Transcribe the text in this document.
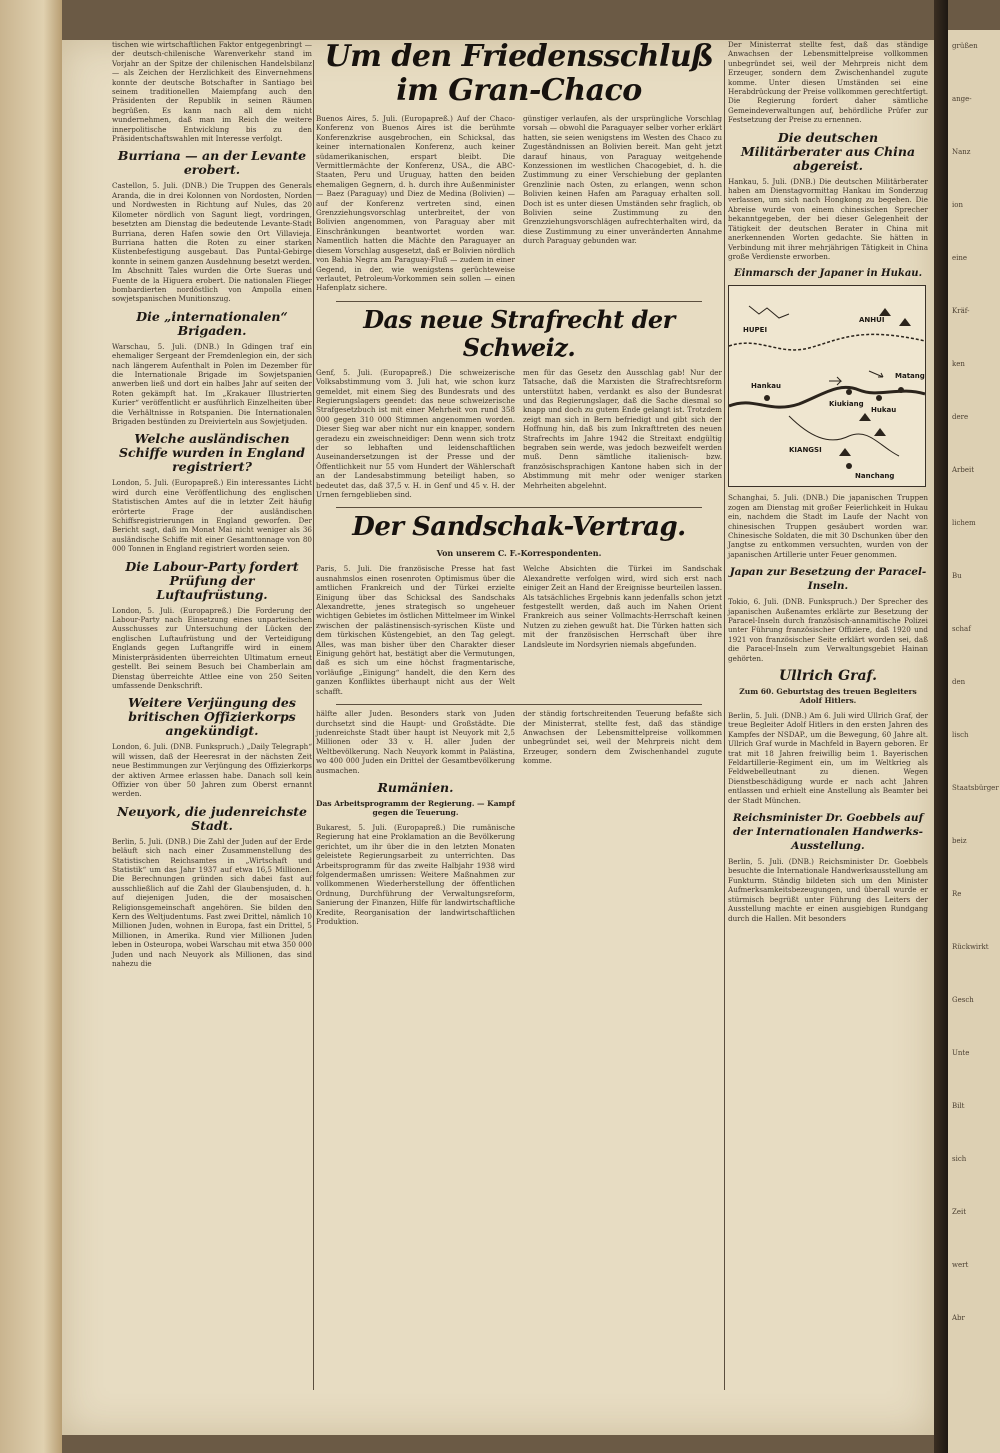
grüßen
ange-
Nanz
ion
eine
Kräf-
ken
dere
Arbeit
lichem
Bu
schaf
den
lisch
Staatsbürger
beiz
Re
Rückwirkt
Gesch
Unte
Bilt
sich
Zeit
wert
Abr

tischen wie wirtschaftlichen Faktor entgegenbringt — der deutsch-chilenische Warenverkehr stand im Vorjahr an der Spitze der chilenischen Handelsbilanz — als Zeichen der Herzlichkeit des Einvernehmens konnte der deutsche Botschafter in Santiago bei seinem traditionellen Maiempfang auch den Präsidenten der Republik in seinen Räumen begrüßen. Es kann nach all dem nicht wundernehmen, daß man im Reich die weitere innerpolitische Entwicklung bis zu den Präsidentschaftswahlen mit Interesse verfolgt.

Burriana — an der Levante erobert.

Castellon, 5. Juli. (DNB.) Die Truppen des Generals Aranda, die in drei Kolonnen von Nordosten, Norden und Nordwesten in Richtung auf Nules, das 20 Kilometer nördlich von Sagunt liegt, vordringen, besetzten am Dienstag die bedeutende Levante-Stadt Burriana, deren Hafen sowie den Ort Villavieja. Burriana hatten die Roten zu einer starken Küstenbefestigung ausgebaut. Das Puntal-Gebirge konnte in seinem ganzen Ausdehnung besetzt werden. Im Abschnitt Tales wurden die Orte Sueras und Fuente de la Higuera erobert. Die nationalen Flieger bombardierten nordöstlich von Ampolla einen sowjetspanischen Munitionszug.

Die „internationalen“ Brigaden.

Warschau, 5. Juli. (DNB.) In Gdingen traf ein ehemaliger Sergeant der Fremdenlegion ein, der sich nach längerem Aufenthalt in Polen im Dezember für die Internationale Brigade im Sowjetspanien anwerben ließ und dort ein halbes Jahr auf seiten der Roten gekämpft hat. Im „Krakauer Illustrierten Kurier“ veröffentlicht er ausführlich Einzelheiten über die Verhältnisse in Rotspanien. Die Internationalen Brigaden bestünden zu Dreivierteln aus Sowjetjuden.

Welche ausländischen Schiffe wurden in England registriert?

London, 5. Juli. (Europapreß.) Ein interessantes Licht wird durch eine Veröffentlichung des englischen Statistischen Amtes auf die in letzter Zeit häufig erörterte Frage der ausländischen Schiffsregistrierungen in England geworfen. Der Bericht sagt, daß im Monat Mai nicht weniger als 36 ausländische Schiffe mit einer Gesamttonnage von 80 000 Tonnen in England registriert worden seien.

Die Labour-Party fordert Prüfung der Luftaufrüstung.

London, 5. Juli. (Europapreß.) Die Forderung der Labour-Party nach Einsetzung eines unparteiischen Ausschusses zur Untersuchung der Lücken der englischen Luftaufrüstung und der Verteidigung Englands gegen Luftangriffe wird in einem Ministerpräsidenten überreichten Ultimatum erneut gestellt. Bei seinem Besuch bei Chamberlain am Dienstag überreichte Attlee eine von 250 Seiten umfassende Denkschrift.

Weitere Verjüngung des britischen Offizierkorps angekündigt.

London, 6. Juli. (DNB. Funkspruch.) „Daily Telegraph“ will wissen, daß der Heeresrat in der nächsten Zeit neue Bestimmungen zur Verjüngung des Offizierkorps der aktiven Armee erlassen habe. Danach soll kein Offizier von über 50 Jahren zum Oberst ernannt werden.

Neuyork, die judenreichste Stadt.

Berlin, 5. Juli. (DNB.) Die Zahl der Juden auf der Erde beläuft sich nach einer Zusammenstellung des Statistischen Reichsamtes in „Wirtschaft und Statistik“ um das Jahr 1937 auf etwa 16,5 Millionen. Die Berechnungen gründen sich dabei fast auf ausschließlich auf die Zahl der Glaubensjuden, d. h. auf diejenigen Juden, die der mosaischen Religionsgemeinschaft angehören. Sie bilden den Kern des Weltjudentums. Fast zwei Drittel, nämlich 10 Millionen Juden, wohnen in Europa, fast ein Drittel, 5 Millionen, in Amerika. Rund vier Millionen Juden leben in Osteuropa, wobei Warschau mit etwa 350 000 Juden und nach Neuyork als Millionen, das sind nahezu die

Um den Friedensschluß im Gran-Chaco

Buenos Aires, 5. Juli. (Europapreß.) Auf der Chaco-Konferenz von Buenos Aires ist die berühmte Konferenzkrise ausgebrochen, ein Schicksal, das keiner internationalen Konferenz, auch keiner südamerikanischen, erspart bleibt. Die Vermittlermächte der Konferenz, USA., die ABC-Staaten, Peru und Uruguay, hatten den beiden ehemaligen Gegnern, d. h. durch ihre Außenminister — Baez (Paraguay) und Diez de Medina (Bolivien) — auf der Konferenz vertreten sind, einen Grenzziehungsvorschlag unterbreitet, der von Bolivien angenommen, von Paraguay aber mit Einschränkungen beantwortet worden war. Namentlich hatten die Mächte den Paraguayer an diesem Vorschlag ausgesetzt, daß er Bolivien nördlich von Bahia Negra am Paraguay-Fluß — zudem in einer Gegend, in der, wie wenigstens gerüchteweise verlautet, Petroleum-Vorkommen sein sollen — einen Hafenplatz sichere.

günstiger verlaufen, als der ursprüngliche Vorschlag vorsah — obwohl die Paraguayer selber vorher erklärt hatten, sie seien wenigstens im Westen des Chaco zu Zugeständnissen an Bolivien bereit. Man geht jetzt darauf hinaus, von Paraguay weitgehende Konzessionen im westlichen Chacogebiet, d. h. die Zustimmung zu einer Verschiebung der geplanten Grenzlinie nach Osten, zu erlangen, wenn schon Bolivien keinen Hafen am Paraguay erhalten soll. Doch ist es unter diesen Umständen sehr fraglich, ob Bolivien seine Zustimmung zu den Grenzziehungsvorschlägen aufrechterhalten wird, da diese Zustimmung zu einer unveränderten Annahme durch Paraguay gebunden war.

Das neue Strafrecht der Schweiz.

Genf, 5. Juli. (Europapreß.) Die schweizerische Volksabstimmung vom 3. Juli hat, wie schon kurz gemeldet, mit einem Sieg des Bundesrats und des Regierungslagers geendet: das neue schweizerische Strafgesetzbuch ist mit einer Mehrheit von rund 358 000 gegen 310 000 Stimmen angenommen worden. Dieser Sieg war aber nicht nur ein knapper, sondern geradezu ein zweischneidiger: Denn wenn sich trotz der so lebhaften und leidenschaftlichen Auseinandersetzungen ist der Presse und der Öffentlichkeit nur 55 vom Hundert der Wählerschaft an der Landesabstimmung beteiligt haben, so bedeutet das, daß 37,5 v. H. in Genf und 45 v. H. der Urnen ferngeblieben sind.

men für das Gesetz den Ausschlag gab! Nur der Tatsache, daß die Marxisten die Strafrechtsreform unterstützt haben, verdankt es also der Bundesrat und das Regierungslager, daß die Sache diesmal so knapp und doch zu gutem Ende gelangt ist. Trotzdem zeigt man sich in Bern befriedigt und gibt sich der Hoffnung hin, daß bis zum Inkrafttreten des neuen Strafrechts im Jahre 1942 die Streitaxt endgültig begraben sein werde, was jedoch bezweifelt werden muß. Denn sämtliche italienisch- bzw. französischsprachigen Kantone haben sich in der Abstimmung mit mehr oder weniger starken Mehrheiten abgelehnt.

Der Sandschak-Vertrag.
Von unserem C. F.-Korrespondenten.

Paris, 5. Juli. Die französische Presse hat fast ausnahmslos einen rosenroten Optimismus über die amtlichen Frankreich und der Türkei erzielte Einigung über das Schicksal des Sandschaks Alexandrette, jenes strategisch so ungeheuer wichtigen Gebietes im östlichen Mittelmeer im Winkel zwischen der palästinensisch-syrischen Küste und dem türkischen Küstengebiet, an den Tag gelegt. Alles, was man bisher über den Charakter dieser Einigung gehört hat, bestätigt aber die Vermutungen, daß es sich um eine höchst fragmentarische, vorläufige „Einigung“ handelt, die den Kern des ganzen Konfliktes überhaupt nicht aus der Welt schafft.

Welche Absichten die Türkei im Sandschak Alexandrette verfolgen wird, wird sich erst nach einiger Zeit an Hand der Ereignisse beurteilen lassen. Als tatsächliches Ergebnis kann jedenfalls schon jetzt festgestellt werden, daß auch im Nahen Orient Frankreich aus seiner Vollmachts-Herrschaft keinen Nutzen zu ziehen gewußt hat. Die Türken hatten sich mit der französischen Herrschaft über ihre Landsleute im Nordsyrien niemals abgefunden.

hälfte aller Juden. Besonders stark von Juden durchsetzt sind die Haupt- und Großstädte. Die judenreichste Stadt über haupt ist Neuyork mit 2,5 Millionen oder 33 v. H. aller Juden der Weltbevölkerung. Nach Neuyork kommt in Palästina, wo 400 000 Juden ein Drittel der Gesamtbevölkerung ausmachen.

Rumänien.
Das Arbeitsprogramm der Regierung. — Kampf gegen die Teuerung.

Bukarest, 5. Juli. (Europapreß.) Die rumänische Regierung hat eine Proklamation an die Bevölkerung gerichtet, um ihr über die in den letzten Monaten geleistete Regierungsarbeit zu unterrichten. Das Arbeitsprogramm für das zweite Halbjahr 1938 wird folgendermaßen umrissen: Weitere Maßnahmen zur vollkommenen Wiederherstellung der öffentlichen Ordnung, Durchführung der Verwaltungsreform, Sanierung der Finanzen, Hilfe für landwirtschaftliche Kredite, Reorganisation der landwirtschaftlichen Produktion.

der ständig fortschreitenden Teuerung befaßte sich der Ministerrat, stellte fest, daß das ständige Anwachsen der Lebensmittelpreise vollkommen unbegründet sei, weil der Mehrpreis nicht dem Erzeuger, sondern dem Zwischenhandel zugute komme.

Der Ministerrat stellte fest, daß das ständige Anwachsen der Lebensmittelpreise vollkommen unbegründet sei, weil der Mehrpreis nicht dem Erzeuger, sondern dem Zwischenhandel zugute komme. Unter diesen Umständen sei eine Herabdrückung der Preise vollkommen gerechtfertigt. Die Regierung fordert daher sämtliche Gemeindeverwaltungen auf, behördliche Prüfer zur Festsetzung der Preise zu ernennen.

Die deutschen Militärberater aus China abgereist.

Hankau, 5. Juli. (DNB.) Die deutschen Militärberater haben am Dienstagvormittag Hankau im Sonderzug verlassen, um sich nach Hongkong zu begeben. Die Abreise wurde von einem chinesischen Sprecher bekanntgegeben, der bei dieser Gelegenheit der Tätigkeit der deutschen Berater in China mit anerkennenden Worten gedachte. Sie hätten in Verbindung mit ihrer mehrjährigen Tätigkeit in China große Verdienste erworben.

Einmarsch der Japaner in Hukau.
HUPEI
ANHUI
Hankau
Kiukiang
Hukau
KIANGSI
Matang
Nanchang

Schanghai, 5. Juli. (DNB.) Die japanischen Truppen zogen am Dienstag mit großer Feierlichkeit in Hukau ein, nachdem die Stadt im Laufe der Nacht von chinesischen Truppen gesäubert worden war. Chinesische Soldaten, die mit 30 Dschunken über den Jangtse zu entkommen versuchten, wurden von der japanischen Artillerie unter Feuer genommen.

Japan zur Besetzung der Paracel-Inseln.

Tokio, 6. Juli. (DNB. Funkspruch.) Der Sprecher des japanischen Außenamtes erklärte zur Besetzung der Paracel-Inseln durch französisch-annamitische Polizei unter Führung französischer Offiziere, daß 1920 und 1921 von französischer Seite erklärt worden sei, daß die Paracel-Inseln zum Verwaltungsgebiet Hainan gehörten.

Ullrich Graf.
Zum 60. Geburtstag des treuen Begleiters Adolf Hitlers.

Berlin, 5. Juli. (DNB.) Am 6. Juli wird Ullrich Graf, der treue Begleiter Adolf Hitlers in den ersten Jahren des Kampfes der NSDAP., um die Bewegung, 60 Jahre alt. Ullrich Graf wurde in Machfeld in Bayern geboren. Er trat mit 18 Jahren freiwillig beim 1. Bayerischen Feldartillerie-Regiment ein, um im Weltkrieg als Feldwebelleutnant zu dienen. Wegen Dienstbeschädigung wurde er nach acht Jahren entlassen und erhielt eine Anstellung als Beamter bei der Stadt München.

Reichsminister Dr. Goebbels auf der Internationalen Handwerks-Ausstellung.

Berlin, 5. Juli. (DNB.) Reichsminister Dr. Goebbels besuchte die Internationale Handwerksausstellung am Funkturm. Ständig bildeten sich um den Minister Aufmerksamkeitsbezeugungen, und überall wurde er stürmisch begrüßt unter Führung des Leiters der Ausstellung machte er einen ausgiebigen Rundgang durch die Hallen. Mit besonders
